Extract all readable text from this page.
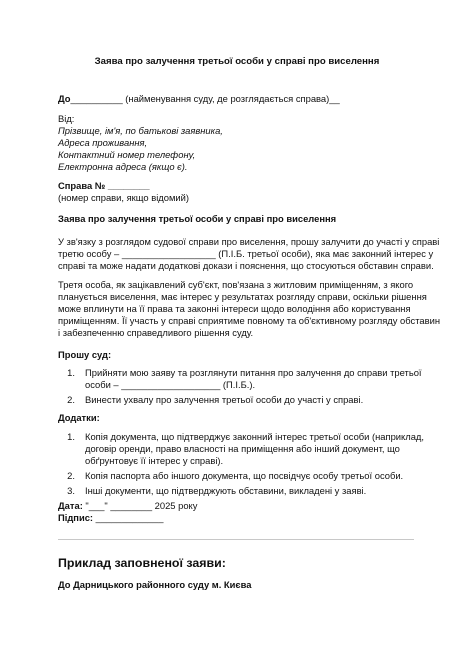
Заява про залучення третьої особи у справі про виселення
До__________ (найменування суду, де розглядається справа)__
Від:
Прізвище, ім'я, по батькові заявника,
Адреса проживання,
Контактний номер телефону,
Електронна адреса (якщо є).
Справа № ________
(номер справи, якщо відомий)
Заява про залучення третьої особи у справі про виселення
У зв'язку з розглядом судової справи про виселення, прошу залучити до участі у справі
третю особу – __________________ (П.І.Б. третьої особи), яка має законний інтерес у
справі та може надати додаткові докази і пояснення, що стосуються обставин справи.
Третя особа, як зацікавлений суб'єкт, пов'язана з житловим приміщенням, з якого
планується виселення, має інтерес у результатах розгляду справи, оскільки рішення
може вплинути на її права та законні інтереси щодо володіння або користування
приміщенням. Її участь у справі сприятиме повному та об'єктивному розгляду обставин
і забезпеченню справедливого рішення суду.
Прошу суд:
1.	Прийняти мою заяву та розглянути питання про залучення до справи третьої
особи – ___________________ (П.І.Б.).
2.	Винести ухвалу про залучення третьої особи до участі у справі.
Додатки:
1.	Копія документа, що підтверджує законний інтерес третьої особи (наприклад,
договір оренди, право власності на приміщення або інший документ, що
обґрунтовує її інтерес у справі).
2.	Копія паспорта або іншого документа, що посвідчує особу третьої особи.
3.	Інші документи, що підтверджують обставини, викладені у заяві.
Дата: "___" ________ 2025 року
Підпис: _____________
Приклад заповненої заяви:
До Дарницького районного суду м. Києва
